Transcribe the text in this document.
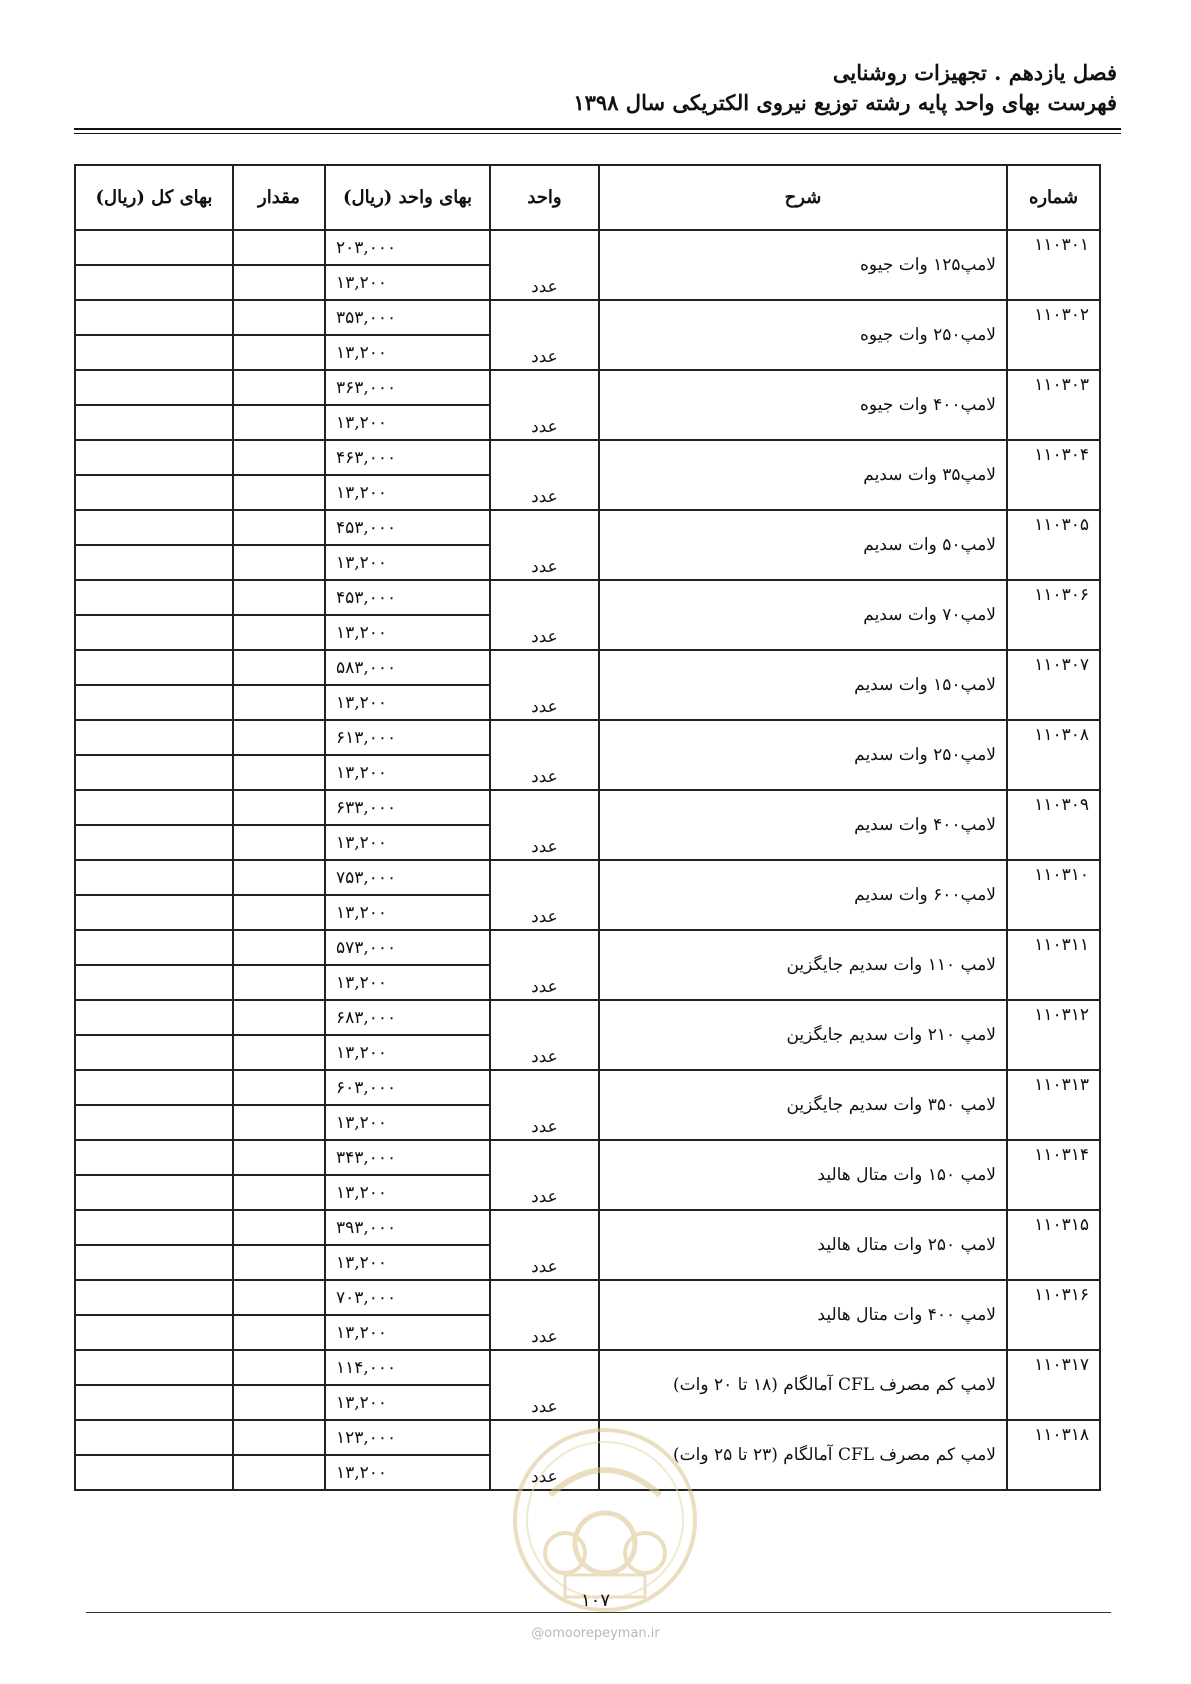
فصل یازدهم . تجهیزات روشنایی
فهرست بهای واحد پایه رشته توزیع نیروی الکتریکی سال ۱۳۹۸
شماره	شرح	واحد	بهای واحد (ریال)	مقدار	بهای کل (ریال)
۱۱۰۳۰۱	لامپ۱۲۵ وات جیوه	عدد	۲۰۳,۰۰۰		
			۱۳,۲۰۰		
۱۱۰۳۰۲	لامپ۲۵۰ وات جیوه	عدد	۳۵۳,۰۰۰		
			۱۳,۲۰۰		
۱۱۰۳۰۳	لامپ۴۰۰ وات جیوه	عدد	۳۶۳,۰۰۰		
			۱۳,۲۰۰		
۱۱۰۳۰۴	لامپ۳۵ وات سدیم	عدد	۴۶۳,۰۰۰		
			۱۳,۲۰۰		
۱۱۰۳۰۵	لامپ۵۰ وات سدیم	عدد	۴۵۳,۰۰۰		
			۱۳,۲۰۰		
۱۱۰۳۰۶	لامپ۷۰ وات سدیم	عدد	۴۵۳,۰۰۰		
			۱۳,۲۰۰		
۱۱۰۳۰۷	لامپ۱۵۰ وات سدیم	عدد	۵۸۳,۰۰۰		
			۱۳,۲۰۰		
۱۱۰۳۰۸	لامپ۲۵۰ وات سدیم	عدد	۶۱۳,۰۰۰		
			۱۳,۲۰۰		
۱۱۰۳۰۹	لامپ۴۰۰ وات سدیم	عدد	۶۳۳,۰۰۰		
			۱۳,۲۰۰		
۱۱۰۳۱۰	لامپ۶۰۰ وات سدیم	عدد	۷۵۳,۰۰۰		
			۱۳,۲۰۰		
۱۱۰۳۱۱	لامپ ۱۱۰ وات سدیم جایگزین	عدد	۵۷۳,۰۰۰		
			۱۳,۲۰۰		
۱۱۰۳۱۲	لامپ ۲۱۰ وات سدیم جایگزین	عدد	۶۸۳,۰۰۰		
			۱۳,۲۰۰		
۱۱۰۳۱۳	لامپ ۳۵۰ وات سدیم جایگزین	عدد	۶۰۳,۰۰۰		
			۱۳,۲۰۰		
۱۱۰۳۱۴	لامپ ۱۵۰ وات متال هالید	عدد	۳۴۳,۰۰۰		
			۱۳,۲۰۰		
۱۱۰۳۱۵	لامپ ۲۵۰ وات متال هالید	عدد	۳۹۳,۰۰۰		
			۱۳,۲۰۰		
۱۱۰۳۱۶	لامپ ۴۰۰ وات متال هالید	عدد	۷۰۳,۰۰۰		
			۱۳,۲۰۰		
۱۱۰۳۱۷	لامپ کم مصرف CFL آمالگام (۱۸ تا ۲۰ وات)	عدد	۱۱۴,۰۰۰		
			۱۳,۲۰۰		
۱۱۰۳۱۸	لامپ کم مصرف CFL آمالگام (۲۳ تا ۲۵ وات)	عدد	۱۲۳,۰۰۰		
			۱۳,۲۰۰		
۱۰۷
@omoorepeyman.ir
